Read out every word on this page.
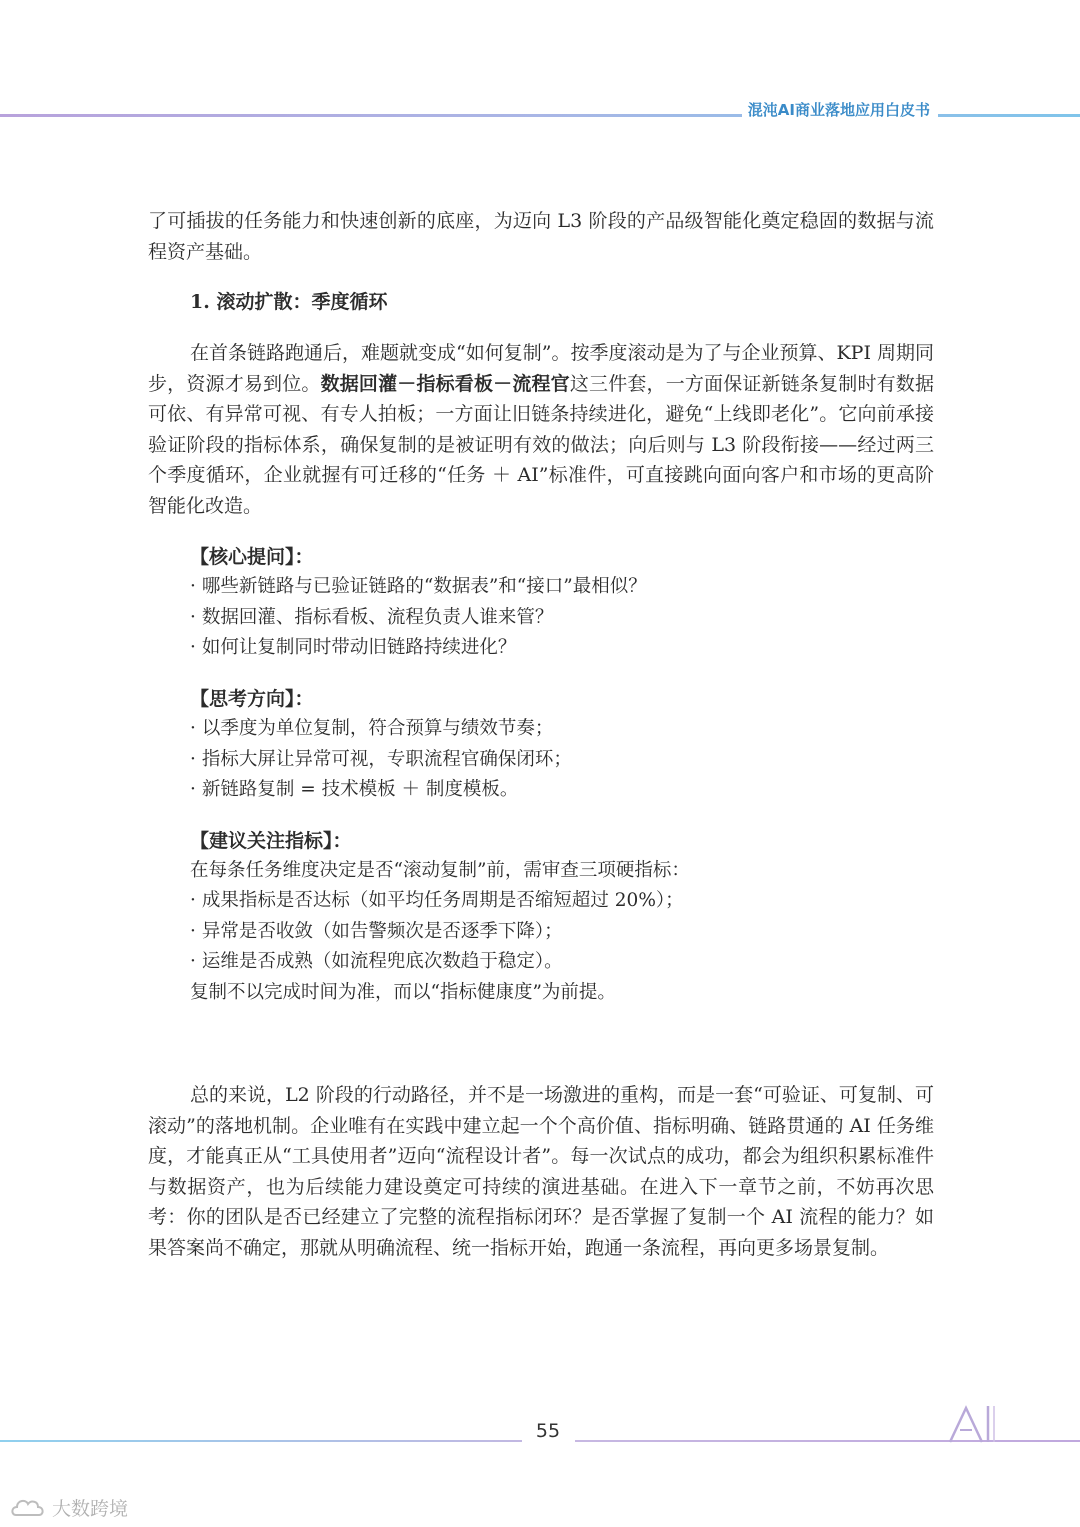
混沌AI商业落地应用白皮书

了可插拔的任务能力和快速创新的底座，为迈向 L3 阶段的产品级智能化奠定稳固的数据与流程资产基础。

1. 滚动扩散：季度循环

在首条链路跑通后，难题就变成“如何复制”。按季度滚动是为了与企业预算、KPI 周期同步，资源才易到位。数据回灌－指标看板－流程官这三件套，一方面保证新链条复制时有数据可依、有异常可视、有专人拍板；一方面让旧链条持续进化，避免“上线即老化”。它向前承接验证阶段的指标体系，确保复制的是被证明有效的做法；向后则与 L3 阶段衔接——经过两三个季度循环，企业就握有可迁移的“任务 ＋ AI”标准件，可直接跳向面向客户和市场的更高阶智能化改造。

【核心提问】：
· 哪些新链路与已验证链路的“数据表”和“接口”最相似？
· 数据回灌、指标看板、流程负责人谁来管？
· 如何让复制同时带动旧链路持续进化？
【思考方向】：
· 以季度为单位复制，符合预算与绩效节奏；
· 指标大屏让异常可视，专职流程官确保闭环；
· 新链路复制 = 技术模板 ＋ 制度模板。
【建议关注指标】：
在每条任务维度决定是否“滚动复制”前，需审查三项硬指标：
· 成果指标是否达标（如平均任务周期是否缩短超过 20%）；
· 异常是否收敛（如告警频次是否逐季下降）；
· 运维是否成熟（如流程兜底次数趋于稳定）。
复制不以完成时间为准，而以“指标健康度”为前提。

总的来说，L2 阶段的行动路径，并不是一场激进的重构，而是一套“可验证、可复制、可滚动”的落地机制。企业唯有在实践中建立起一个个高价值、指标明确、链路贯通的 AI 任务维度，才能真正从“工具使用者”迈向“流程设计者”。每一次试点的成功，都会为组织积累标准件与数据资产，也为后续能力建设奠定可持续的演进基础。在进入下一章节之前，不妨再次思考：你的团队是否已经建立了完整的流程指标闭环？是否掌握了复制一个 AI 流程的能力？如果答案尚不确定，那就从明确流程、统一指标开始，跑通一条流程，再向更多场景复制。

55
大数跨境
